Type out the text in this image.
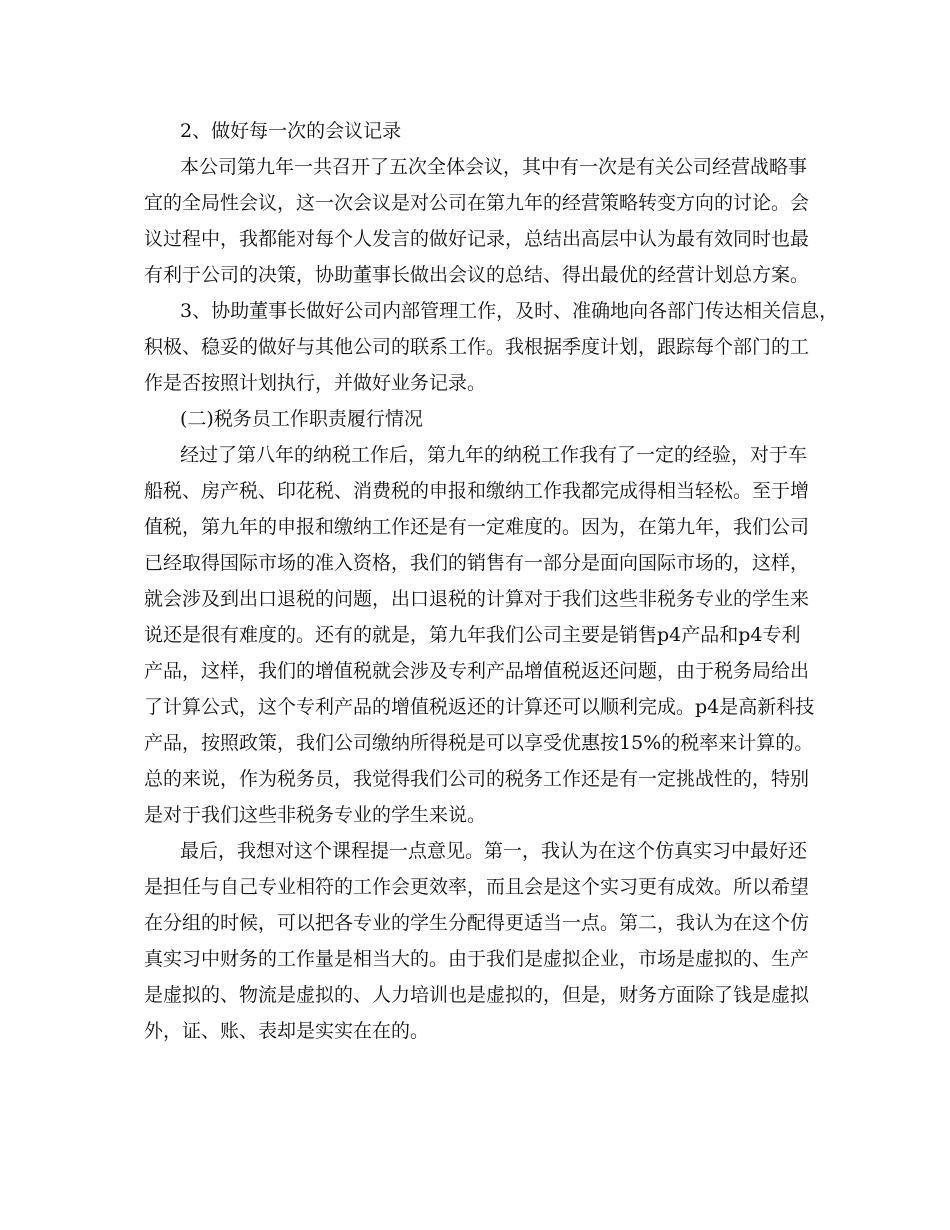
2、做好每一次的会议记录

本公司第九年一共召开了五次全体会议，其中有一次是有关公司经营战略事

宜的全局性会议，这一次会议是对公司在第九年的经营策略转变方向的讨论。会

议过程中，我都能对每个人发言的做好记录，总结出高层中认为最有效同时也最

有利于公司的决策，协助董事长做出会议的总结、得出最优的经营计划总方案。

3、协助董事长做好公司内部管理工作，及时、准确地向各部门传达相关信息，

积极、稳妥的做好与其他公司的联系工作。我根据季度计划，跟踪每个部门的工

作是否按照计划执行，并做好业务记录。

(二)税务员工作职责履行情况

经过了第八年的纳税工作后，第九年的纳税工作我有了一定的经验，对于车

船税、房产税、印花税、消费税的申报和缴纳工作我都完成得相当轻松。至于增

值税，第九年的申报和缴纳工作还是有一定难度的。因为，在第九年，我们公司

已经取得国际市场的准入资格，我们的销售有一部分是面向国际市场的，这样，

就会涉及到出口退税的问题，出口退税的计算对于我们这些非税务专业的学生来

说还是很有难度的。还有的就是，第九年我们公司主要是销售p4产品和p4专利

产品，这样，我们的增值税就会涉及专利产品增值税返还问题，由于税务局给出

了计算公式，这个专利产品的增值税返还的计算还可以顺利完成。p4是高新科技

产品，按照政策，我们公司缴纳所得税是可以享受优惠按15%的税率来计算的。

总的来说，作为税务员，我觉得我们公司的税务工作还是有一定挑战性的，特别

是对于我们这些非税务专业的学生来说。

最后，我想对这个课程提一点意见。第一，我认为在这个仿真实习中最好还

是担任与自己专业相符的工作会更效率，而且会是这个实习更有成效。所以希望

在分组的时候，可以把各专业的学生分配得更适当一点。第二，我认为在这个仿

真实习中财务的工作量是相当大的。由于我们是虚拟企业，市场是虚拟的、生产

是虚拟的、物流是虚拟的、人力培训也是虚拟的，但是，财务方面除了钱是虚拟

外，证、账、表却是实实在在的。
